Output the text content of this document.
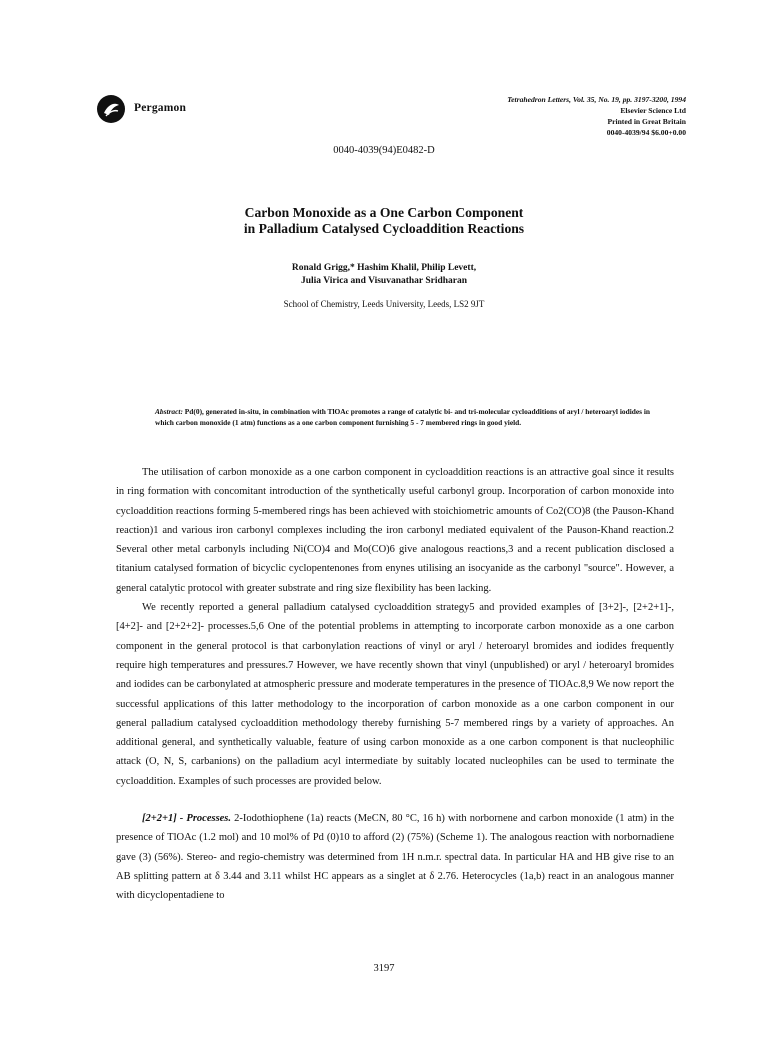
Pergamon
Tetrahedron Letters, Vol. 35, No. 19, pp. 3197-3200, 1994
Elsevier Science Ltd
Printed in Great Britain
0040-4039/94 $6.00+0.00
0040-4039(94)E0482-D
Carbon Monoxide as a One Carbon Component
in Palladium Catalysed Cycloaddition Reactions
Ronald Grigg,* Hashim Khalil, Philip Levett,
Julia Virica and Visuvanathar Sridharan
School of Chemistry, Leeds University, Leeds, LS2 9JT
Abstract: Pd(0), generated in-situ, in combination with TlOAc promotes a range of catalytic bi- and tri-molecular cycloadditions of aryl / heteroaryl iodides in which carbon monoxide (1 atm) functions as a one carbon component furnishing 5 - 7 membered rings in good yield.

The utilisation of carbon monoxide as a one carbon component in cycloaddition reactions is an attractive goal since it results in ring formation with concomitant introduction of the synthetically useful carbonyl group. Incorporation of carbon monoxide into cycloaddition reactions forming 5-membered rings has been achieved with stoichiometric amounts of Co2(CO)8 (the Pauson-Khand reaction)1 and various iron carbonyl complexes including the iron carbonyl mediated equivalent of the Pauson-Khand reaction.2 Several other metal carbonyls including Ni(CO)4 and Mo(CO)6 give analogous reactions,3 and a recent publication disclosed a titanium catalysed formation of bicyclic cyclopentenones from enynes utilising an isocyanide as the carbonyl "source". However, a general catalytic protocol with greater substrate and ring size flexibility has been lacking.

We recently reported a general palladium catalysed cycloaddition strategy5 and provided examples of [3+2]-, [2+2+1]-, [4+2]- and [2+2+2]- processes.5,6 One of the potential problems in attempting to incorporate carbon monoxide as a one carbon component in the general protocol is that carbonylation reactions of vinyl or aryl / heteroaryl bromides and iodides frequently require high temperatures and pressures.7 However, we have recently shown that vinyl (unpublished) or aryl / heteroaryl bromides and iodides can be carbonylated at atmospheric pressure and moderate temperatures in the presence of TlOAc.8,9 We now report the successful applications of this latter methodology to the incorporation of carbon monoxide as a one carbon component in our general palladium catalysed cycloaddition methodology thereby furnishing 5-7 membered rings by a variety of approaches. An additional general, and synthetically valuable, feature of using carbon monoxide as a one carbon component is that nucleophilic attack (O, N, S, carbanions) on the palladium acyl intermediate by suitably located nucleophiles can be used to terminate the cycloaddition. Examples of such processes are provided below.

[2+2+1] - Processes. 2-Iodothiophene (1a) reacts (MeCN, 80 °C, 16 h) with norbornene and carbon monoxide (1 atm) in the presence of TlOAc (1.2 mol) and 10 mol% of Pd (0)10 to afford (2) (75%) (Scheme 1). The analogous reaction with norbornadiene gave (3) (56%). Stereo- and regio-chemistry was determined from 1H n.m.r. spectral data. In particular HA and HB give rise to an AB splitting pattern at δ 3.44 and 3.11 whilst HC appears as a singlet at δ 2.76. Heterocycles (1a,b) react in an analogous manner with dicyclopentadiene to

3197
